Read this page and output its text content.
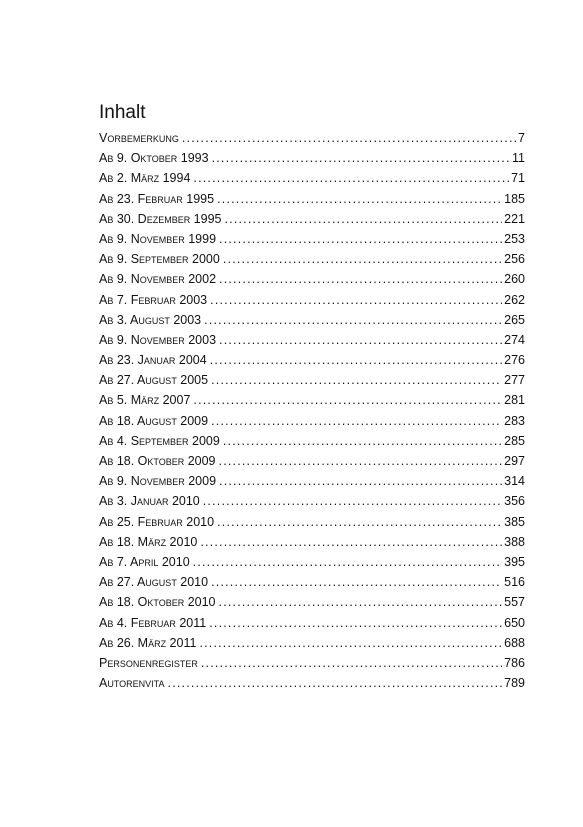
Inhalt
Vorbemerkung .....	7
Ab 9. Oktober 1993 .....	11
Ab 2. März 1994 .....	71
Ab 23. Februar 1995 .....	185
Ab 30. Dezember 1995 .....	221
Ab 9. November 1999 .....	253
Ab 9. September 2000 .....	256
Ab 9. November 2002 .....	260
Ab 7. Februar 2003 .....	262
Ab 3. August 2003 .....	265
Ab 9. November 2003 .....	274
Ab 23. Januar 2004 .....	276
Ab 27. August 2005 .....	277
Ab 5. März 2007 .....	281
Ab 18. August 2009 .....	283
Ab 4. September 2009 .....	285
Ab 18. Oktober 2009 .....	297
Ab 9. November 2009 .....	314
Ab 3. Januar 2010 .....	356
Ab 25. Februar 2010 .....	385
Ab 18. März 2010 .....	388
Ab 7. April 2010 .....	395
Ab 27. August 2010 .....	516
Ab 18. Oktober 2010 .....	557
Ab 4. Februar 2011 .....	650
Ab 26. März 2011 .....	688
Personenregister .....	786
Autorenvita .....	789
